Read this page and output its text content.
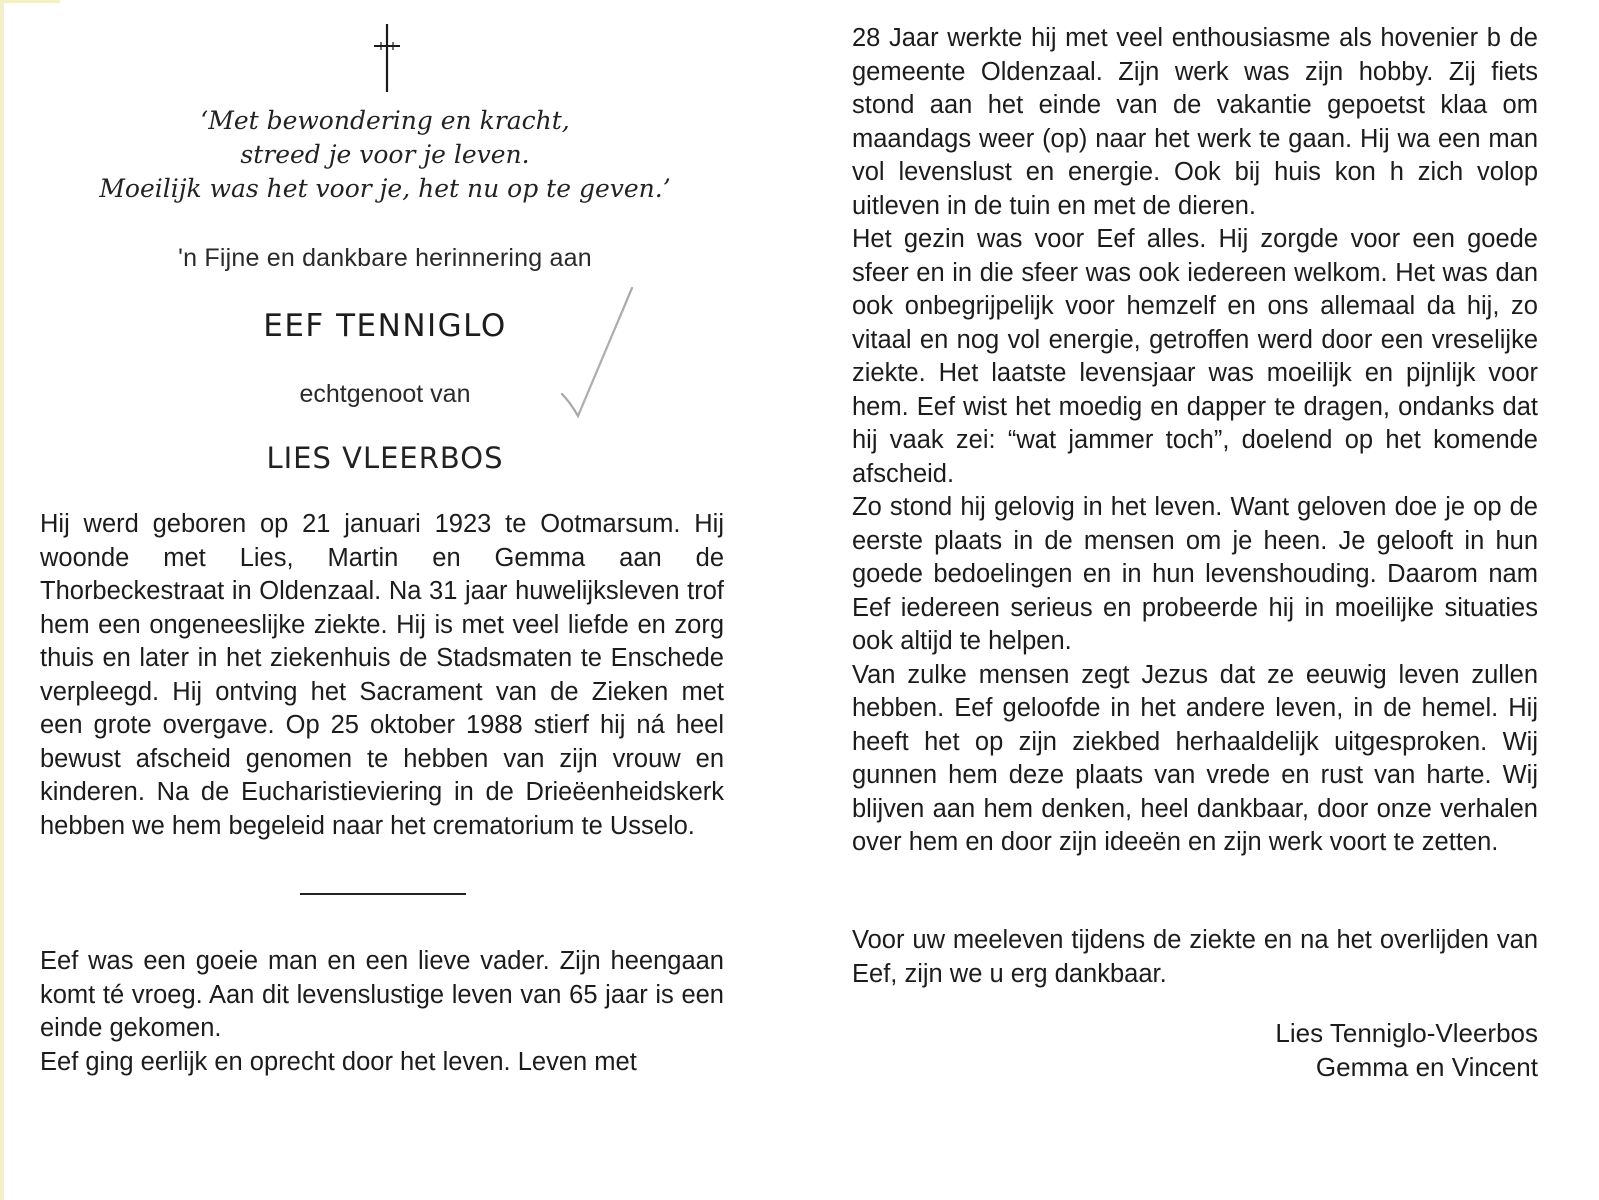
‘Met bewondering en kracht,
streed je voor je leven.
Moeilijk was het voor je, het nu op te geven.’
'n Fijne en dankbare herinnering aan
EEF TENNIGLO
echtgenoot van
LIES VLEERBOS

Hij werd geboren op 21 januari 1923 te Ootmarsum. Hij woonde met Lies, Martin en Gemma aan de Thorbeckestraat in Oldenzaal. Na 31 jaar huwelijksleven trof hem een ongeneeslijke ziekte. Hij is met veel liefde en zorg thuis en later in het ziekenhuis de Stadsmaten te Enschede verpleegd. Hij ontving het Sacrament van de Zieken met een grote overgave. Op 25 oktober 1988 stierf hij ná heel bewust afscheid genomen te hebben van zijn vrouw en kinderen. Na de Eucharistieviering in de Drieëenheidskerk hebben we hem begeleid naar het crematorium te Usselo.

Eef was een goeie man en een lieve vader. Zijn heengaan komt té vroeg. Aan dit levenslustige leven van 65 jaar is een einde gekomen.

Eef ging eerlijk en oprecht door het leven. Leven met

28 Jaar werkte hij met veel enthousiasme als hovenier b de gemeente Oldenzaal. Zijn werk was zijn hobby. Zij fiets stond aan het einde van de vakantie gepoetst klaa om maandags weer (op) naar het werk te gaan. Hij wa een man vol levenslust en energie. Ook bij huis kon h zich volop uitleven in de tuin en met de dieren.

Het gezin was voor Eef alles. Hij zorgde voor een goede sfeer en in die sfeer was ook iedereen welkom. Het was dan ook onbegrijpelijk voor hemzelf en ons allemaal da hij, zo vitaal en nog vol energie, getroffen werd door een vreselijke ziekte. Het laatste levensjaar was moeilijk en pijnlijk voor hem. Eef wist het moedig en dapper te dragen, ondanks dat hij vaak zei: “wat jammer toch”, doelend op het komende afscheid.

Zo stond hij gelovig in het leven. Want geloven doe je op de eerste plaats in de mensen om je heen. Je gelooft in hun goede bedoelingen en in hun levenshouding. Daarom nam Eef iedereen serieus en probeerde hij in moeilijke situaties ook altijd te helpen.

Van zulke mensen zegt Jezus dat ze eeuwig leven zullen hebben. Eef geloofde in het andere leven, in de hemel. Hij heeft het op zijn ziekbed herhaaldelijk uitgesproken. Wij gunnen hem deze plaats van vrede en rust van harte. Wij blijven aan hem denken, heel dankbaar, door onze verhalen over hem en door zijn ideeën en zijn werk voort te zetten.

Voor uw meeleven tijdens de ziekte en na het overlijden van Eef, zijn we u erg dankbaar.

Lies Tenniglo-Vleerbos
Gemma en Vincent
